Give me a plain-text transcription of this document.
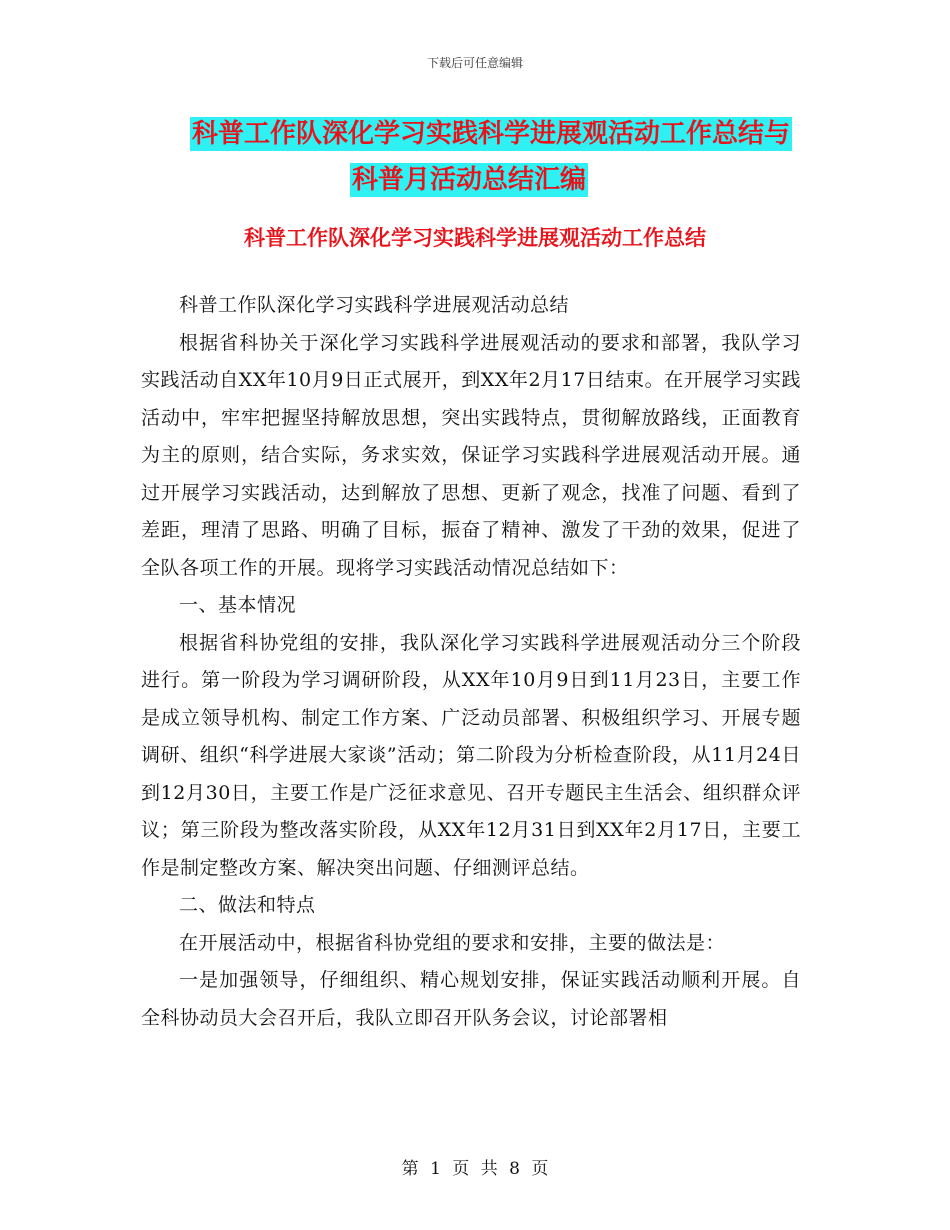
下载后可任意编辑
科普工作队深化学习实践科学进展观活动工作总结与
科普月活动总结汇编
科普工作队深化学习实践科学进展观活动工作总结

科普工作队深化学习实践科学进展观活动总结

根据省科协关于深化学习实践科学进展观活动的要求和部署，我队学习实践活动自XX年10月9日正式展开，到XX年2月17日结束。在开展学习实践活动中，牢牢把握坚持解放思想，突出实践特点，贯彻解放路线，正面教育为主的原则，结合实际，务求实效，保证学习实践科学进展观活动开展。通过开展学习实践活动，达到解放了思想、更新了观念，找准了问题、看到了差距，理清了思路、明确了目标，振奋了精神、激发了干劲的效果，促进了全队各项工作的开展。现将学习实践活动情况总结如下：

一、基本情况

根据省科协党组的安排，我队深化学习实践科学进展观活动分三个阶段进行。第一阶段为学习调研阶段，从XX年10月9日到11月23日，主要工作是成立领导机构、制定工作方案、广泛动员部署、积极组织学习、开展专题调研、组织“科学进展大家谈”活动；第二阶段为分析检查阶段，从11月24日到12月30日，主要工作是广泛征求意见、召开专题民主生活会、组织群众评议；第三阶段为整改落实阶段，从XX年12月31日到XX年2月17日，主要工作是制定整改方案、解决突出问题、仔细测评总结。

二、做法和特点

在开展活动中，根据省科协党组的要求和安排，主要的做法是：

一是加强领导，仔细组织、精心规划安排，保证实践活动顺利开展。自全科协动员大会召开后，我队立即召开队务会议，讨论部署相

第 1 页 共 8 页
